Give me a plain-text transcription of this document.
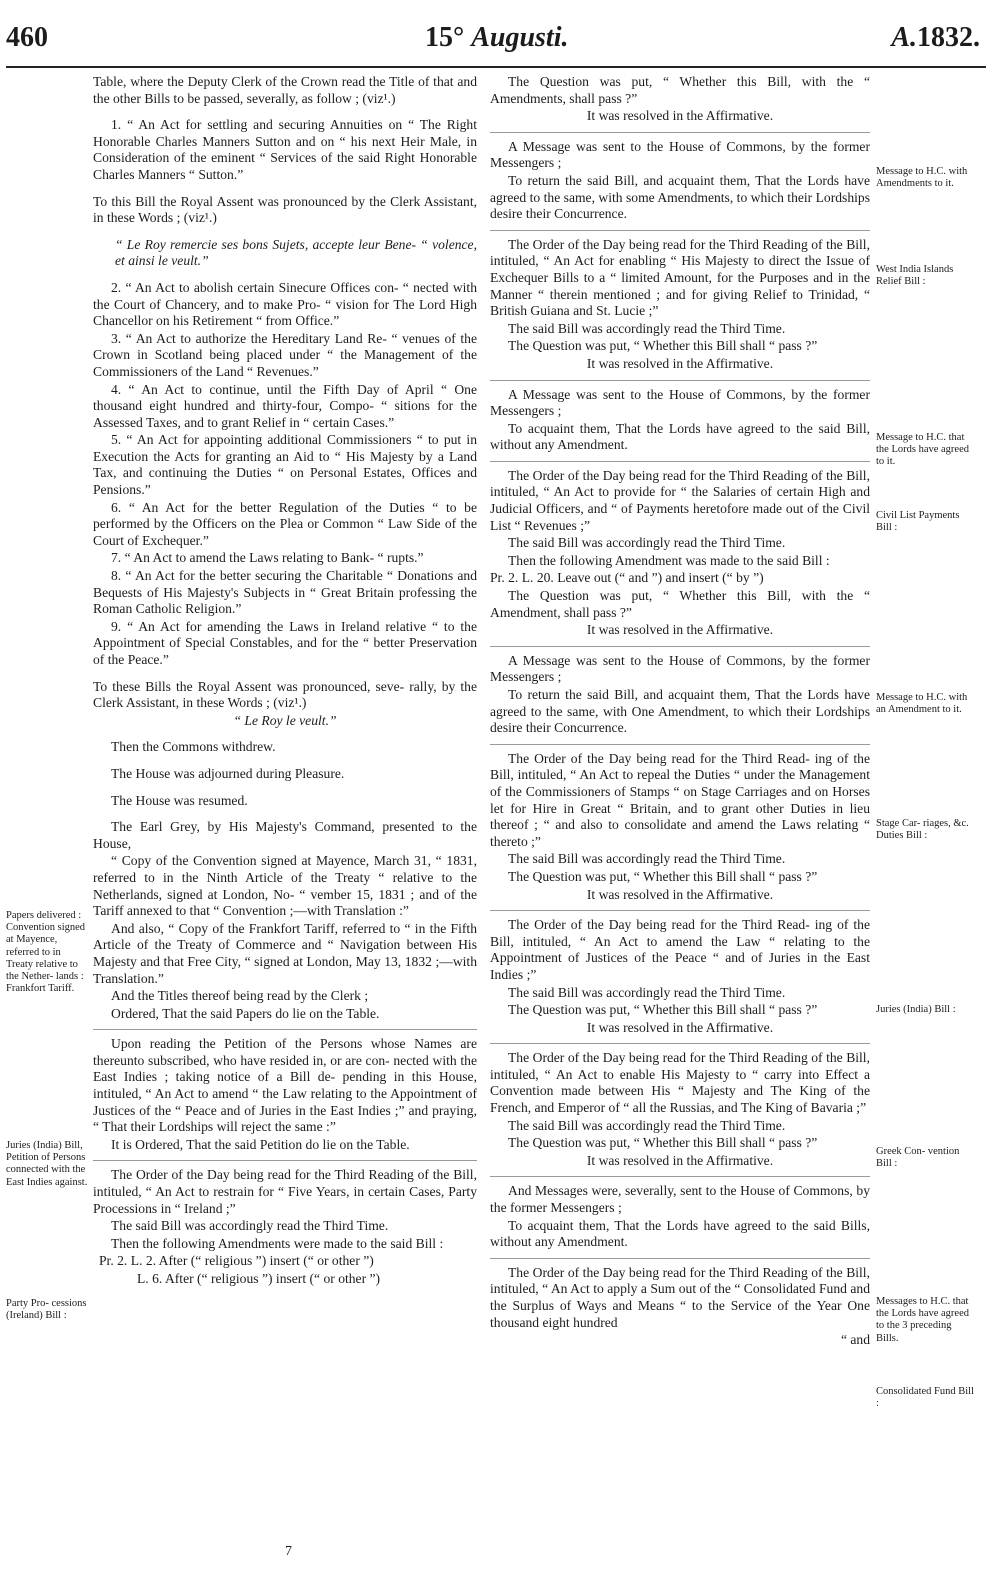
460	15° Augusti.	A.1832.

Table, where the Deputy Clerk of the Crown read the Title of that and the other Bills to be passed, severally, as follow ; (viz¹.)

1. “ An Act for settling and securing Annuities on “ The Right Honorable Charles Manners Sutton and on “ his next Heir Male, in Consideration of the eminent “ Services of the said Right Honorable Charles Manners “ Sutton.”

To this Bill the Royal Assent was pronounced by the Clerk Assistant, in these Words ; (viz¹.)

“ Le Roy remercie ses bons Sujets, accepte leur Bene- “ volence, et ainsi le veult.”

2. “ An Act to abolish certain Sinecure Offices con- “ nected with the Court of Chancery, and to make Pro- “ vision for The Lord High Chancellor on his Retirement “ from Office.”

3. “ An Act to authorize the Hereditary Land Re- “ venues of the Crown in Scotland being placed under “ the Management of the Commissioners of the Land “ Revenues.”

4. “ An Act to continue, until the Fifth Day of April “ One thousand eight hundred and thirty-four, Compo- “ sitions for the Assessed Taxes, and to grant Relief in “ certain Cases.”

5. “ An Act for appointing additional Commissioners “ to put in Execution the Acts for granting an Aid to “ His Majesty by a Land Tax, and continuing the Duties “ on Personal Estates, Offices and Pensions.”

6. “ An Act for the better Regulation of the Duties “ to be performed by the Officers on the Plea or Common “ Law Side of the Court of Exchequer.”

7. “ An Act to amend the Laws relating to Bank- “ rupts.”

8. “ An Act for the better securing the Charitable “ Donations and Bequests of His Majesty's Subjects in “ Great Britain professing the Roman Catholic Religion.”

9. “ An Act for amending the Laws in Ireland relative “ to the Appointment of Special Constables, and for the “ better Preservation of the Peace.”

To these Bills the Royal Assent was pronounced, seve- rally, by the Clerk Assistant, in these Words ; (viz¹.)

“ Le Roy le veult.”

Then the Commons withdrew.

The House was adjourned during Pleasure.

The House was resumed.

The Earl Grey, by His Majesty's Command, presented to the House,

“ Copy of the Convention signed at Mayence, March 31, “ 1831, referred to in the Ninth Article of the Treaty “ relative to the Netherlands, signed at London, No- “ vember 15, 1831 ; and of the Tariff annexed to that “ Convention ;—with Translation :”

And also, “ Copy of the Frankfort Tariff, referred to “ in the Fifth Article of the Treaty of Commerce and “ Navigation between His Majesty and that Free City, “ signed at London, May 13, 1832 ;—with Translation.”

And the Titles thereof being read by the Clerk ;

Ordered, That the said Papers do lie on the Table.

Upon reading the Petition of the Persons whose Names are thereunto subscribed, who have resided in, or are con- nected with the East Indies ; taking notice of a Bill de- pending in this House, intituled, “ An Act to amend “ the Law relating to the Appointment of Justices of the “ Peace and of Juries in the East Indies ;” and praying, “ That their Lordships will reject the same :”

It is Ordered, That the said Petition do lie on the Table.

The Order of the Day being read for the Third Reading of the Bill, intituled, “ An Act to restrain for “ Five Years, in certain Cases, Party Processions in “ Ireland ;”

The said Bill was accordingly read the Third Time.

Then the following Amendments were made to the said Bill :

Pr. 2. L. 2. After (“ religious ”) insert (“ or other ”)

L. 6. After (“ religious ”) insert (“ or other ”)

The Question was put, “ Whether this Bill, with the “ Amendments, shall pass ?”

It was resolved in the Affirmative.

A Message was sent to the House of Commons, by the former Messengers ;

To return the said Bill, and acquaint them, That the Lords have agreed to the same, with some Amendments, to which their Lordships desire their Concurrence.

The Order of the Day being read for the Third Reading of the Bill, intituled, “ An Act for enabling “ His Majesty to direct the Issue of Exchequer Bills to a “ limited Amount, for the Purposes and in the Manner “ therein mentioned ; and for giving Relief to Trinidad, “ British Guiana and St. Lucie ;”

The said Bill was accordingly read the Third Time.

The Question was put, “ Whether this Bill shall “ pass ?”

It was resolved in the Affirmative.

A Message was sent to the House of Commons, by the former Messengers ;

To acquaint them, That the Lords have agreed to the said Bill, without any Amendment.

The Order of the Day being read for the Third Reading of the Bill, intituled, “ An Act to provide for “ the Salaries of certain High and Judicial Officers, and “ of Payments heretofore made out of the Civil List “ Revenues ;”

The said Bill was accordingly read the Third Time.

Then the following Amendment was made to the said Bill :

Pr. 2. L. 20. Leave out (“ and ”) and insert (“ by ”)

The Question was put, “ Whether this Bill, with the “ Amendment, shall pass ?”

It was resolved in the Affirmative.

A Message was sent to the House of Commons, by the former Messengers ;

To return the said Bill, and acquaint them, That the Lords have agreed to the same, with One Amendment, to which their Lordships desire their Concurrence.

The Order of the Day being read for the Third Read- ing of the Bill, intituled, “ An Act to repeal the Duties “ under the Management of the Commissioners of Stamps “ on Stage Carriages and on Horses let for Hire in Great “ Britain, and to grant other Duties in lieu thereof ; “ and also to consolidate and amend the Laws relating “ thereto ;”

The said Bill was accordingly read the Third Time.

The Question was put, “ Whether this Bill shall “ pass ?”

It was resolved in the Affirmative.

The Order of the Day being read for the Third Read- ing of the Bill, intituled, “ An Act to amend the Law “ relating to the Appointment of Justices of the Peace “ and of Juries in the East Indies ;”

The said Bill was accordingly read the Third Time.

The Question was put, “ Whether this Bill shall “ pass ?”

It was resolved in the Affirmative.

The Order of the Day being read for the Third Reading of the Bill, intituled, “ An Act to enable His Majesty to “ carry into Effect a Convention made between His “ Majesty and The King of the French, and Emperor of “ all the Russias, and The King of Bavaria ;”

The said Bill was accordingly read the Third Time.

The Question was put, “ Whether this Bill shall “ pass ?”

It was resolved in the Affirmative.

And Messages were, severally, sent to the House of Commons, by the former Messengers ;

To acquaint them, That the Lords have agreed to the said Bills, without any Amendment.

The Order of the Day being read for the Third Reading of the Bill, intituled, “ An Act to apply a Sum out of the “ Consolidated Fund and the Surplus of Ways and Means “ to the Service of the Year One thousand eight hundred

“ and

Papers delivered : Convention signed at Mayence, referred to in Treaty relative to the Nether- lands : Frankfort Tariff.
Juries (India) Bill, Petition of Persons connected with the East Indies against.
Party Pro- cessions (Ireland) Bill :
Message to H.C. with Amendments to it.
West India Islands Relief Bill :
Message to H.C. that the Lords have agreed to it.
Civil List Payments Bill :
Message to H.C. with an Amendment to it.
Stage Car- riages, &c. Duties Bill :
Juries (India) Bill :
Greek Con- vention Bill :
Messages to H.C. that the Lords have agreed to the 3 preceding Bills.
Consolidated Fund Bill :
7
